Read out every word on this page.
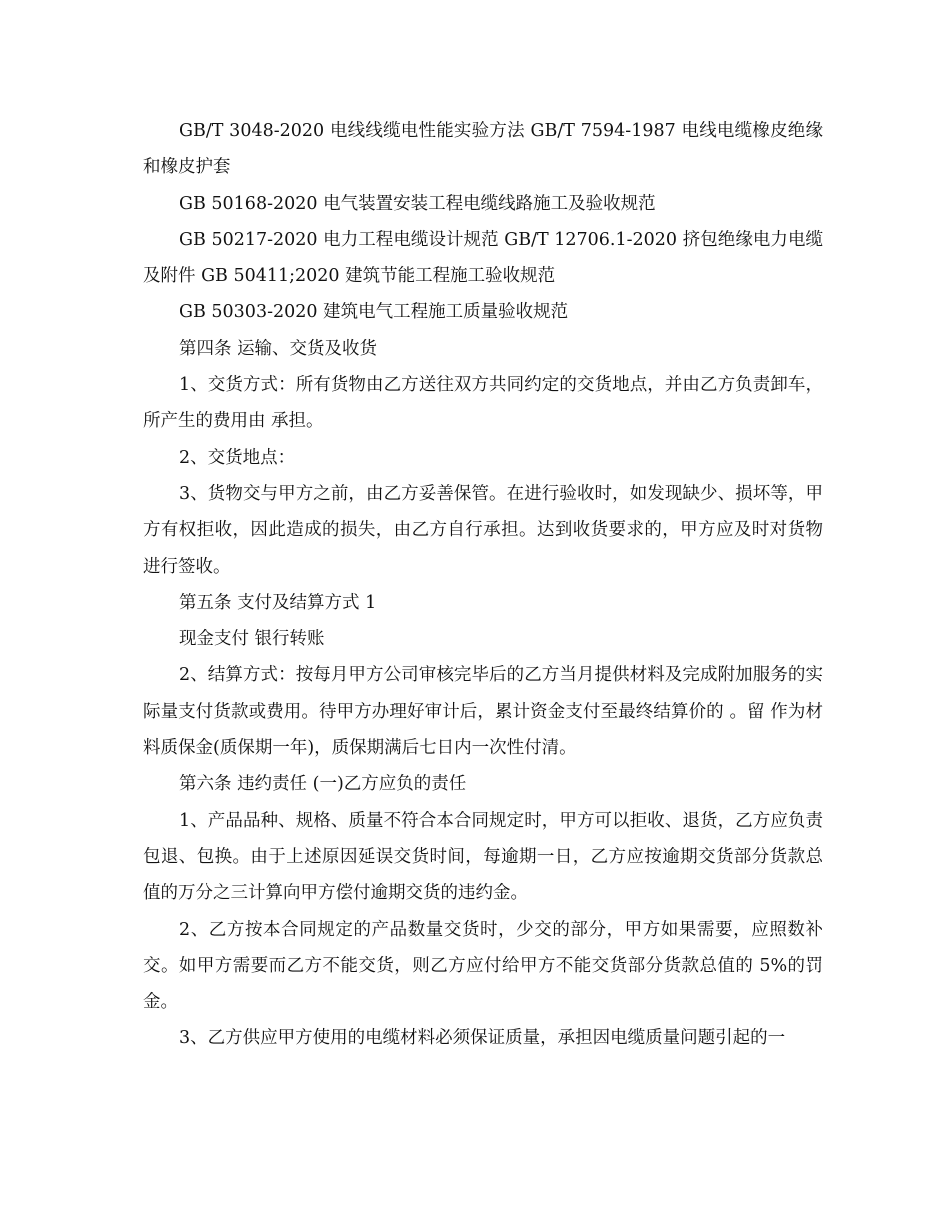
GB/T 3048-2020 电线线缆电性能实验方法 GB/T 7594-1987 电线电缆橡皮绝缘和橡皮护套

GB 50168-2020 电气装置安装工程电缆线路施工及验收规范

GB 50217-2020 电力工程电缆设计规范 GB/T 12706.1-2020 挤包绝缘电力电缆及附件 GB 50411;2020 建筑节能工程施工验收规范

GB 50303-2020 建筑电气工程施工质量验收规范

第四条 运输、交货及收货

1、交货方式：所有货物由乙方送往双方共同约定的交货地点，并由乙方负责卸车，所产生的费用由 承担。

2、交货地点：

3、货物交与甲方之前，由乙方妥善保管。在进行验收时，如发现缺少、损坏等，甲方有权拒收，因此造成的损失，由乙方自行承担。达到收货要求的，甲方应及时对货物进行签收。

第五条 支付及结算方式 1

现金支付 银行转账

2、结算方式：按每月甲方公司审核完毕后的乙方当月提供材料及完成附加服务的实际量支付货款或费用。待甲方办理好审计后，累计资金支付至最终结算价的 。留 作为材料质保金(质保期一年)，质保期满后七日内一次性付清。

第六条 违约责任 (一)乙方应负的责任

1、产品品种、规格、质量不符合本合同规定时，甲方可以拒收、退货，乙方应负责包退、包换。由于上述原因延误交货时间，每逾期一日，乙方应按逾期交货部分货款总值的万分之三计算向甲方偿付逾期交货的违约金。

2、乙方按本合同规定的产品数量交货时，少交的部分，甲方如果需要，应照数补交。如甲方需要而乙方不能交货，则乙方应付给甲方不能交货部分货款总值的 5%的罚金。

3、乙方供应甲方使用的电缆材料必须保证质量，承担因电缆质量问题引起的一
